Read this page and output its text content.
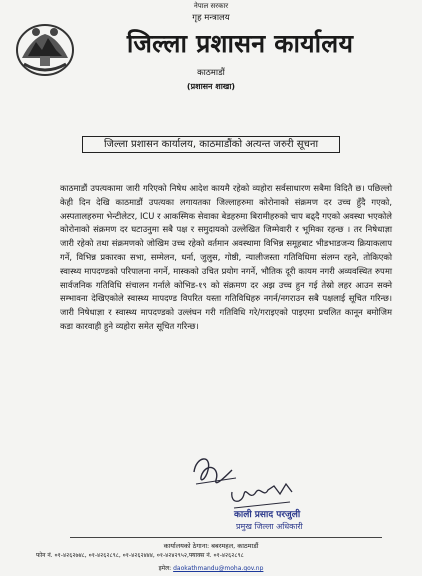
नेपाल सरकार
गृह मन्त्रालय
जिल्ला प्रशासन कार्यालय
काठमाडौं
(प्रशासन शाखा)
जिल्ला प्रशासन कार्यालय, काठमाडौंको अत्यन्त जरुरी सूचना
काठमाडौं उपत्यकामा जारी गरिएको निषेध आदेश कायमै रहेको व्यहोरा सर्वसाधारण सबैमा विदितै छ। पछिल्लो केही दिन देखि काठमाडौं उपत्यका लगायतका जिल्लाहरुमा कोरोनाको संक्रमण दर उच्च हुँदै गएको, अस्पतालहरुमा भेन्टीलेटर, ICU र आकस्मिक सेवाका बेडहरुमा बिरामीहरुको चाप बढ्दै गएको अवस्था भएकोले कोरोनाको संक्रमण दर घटाउनुमा सबै पक्ष र समुदायको उल्लेखित जिम्मेवारी र भूमिका रहन्छ । तर निषेधाज्ञा जारी रहेको तथा संक्रमणको जोखिम उच्च रहेको वर्तमान अवस्थामा विभिन्न समूहबाट भीडभाडजन्य क्रियाकलाप गर्ने, विभिन्न प्रकारका सभा, सम्मेलन, धर्ना, जुलुस, गोष्ठी, न्यालीजस्ता गतिविधिमा संलग्न रहने, तोकिएको स्वास्थ्य मापदण्डको परिपालना नगर्ने, मास्कको उचित प्रयोग नगर्ने, भौतिक दूरी कायम नगरी अव्यवस्थित रुपमा सार्वजनिक गतिविधि संचालन गर्नाले कोभिड-१९ को संक्रमण दर अझ उच्च हुन गई तेस्रो लहर आउन सक्ने सम्भावना देखिएकोले स्वास्थ्य मापदण्ड विपरित यस्ता गतिविधिहरु नगर्न/नगराउन सबै पक्षलाई सूचित गरिन्छ। जारी निषेधाज्ञा र स्वास्थ्य मापदण्डको उल्लंघन गरी गतिविधि गरे/गराइएको पाइएमा प्रचलित कानून बमोजिम कडा कारवाही हुने व्यहोरा समेत सूचित गरिन्छ।
काली प्रसाद परजुली
प्रमुख जिल्ला अधिकारी
कार्यालयको ठेगाना: बबरमहल, काठमाडौं
फोन नं. ०१-४२६२७४८, ०१-४२६२८९८, ०१-४२६२४४४, ०१-४२४२९५२,फ्याक्स नं. ०१-४२६२८९८
इमेल: daokathmandu@moha.gov.np
